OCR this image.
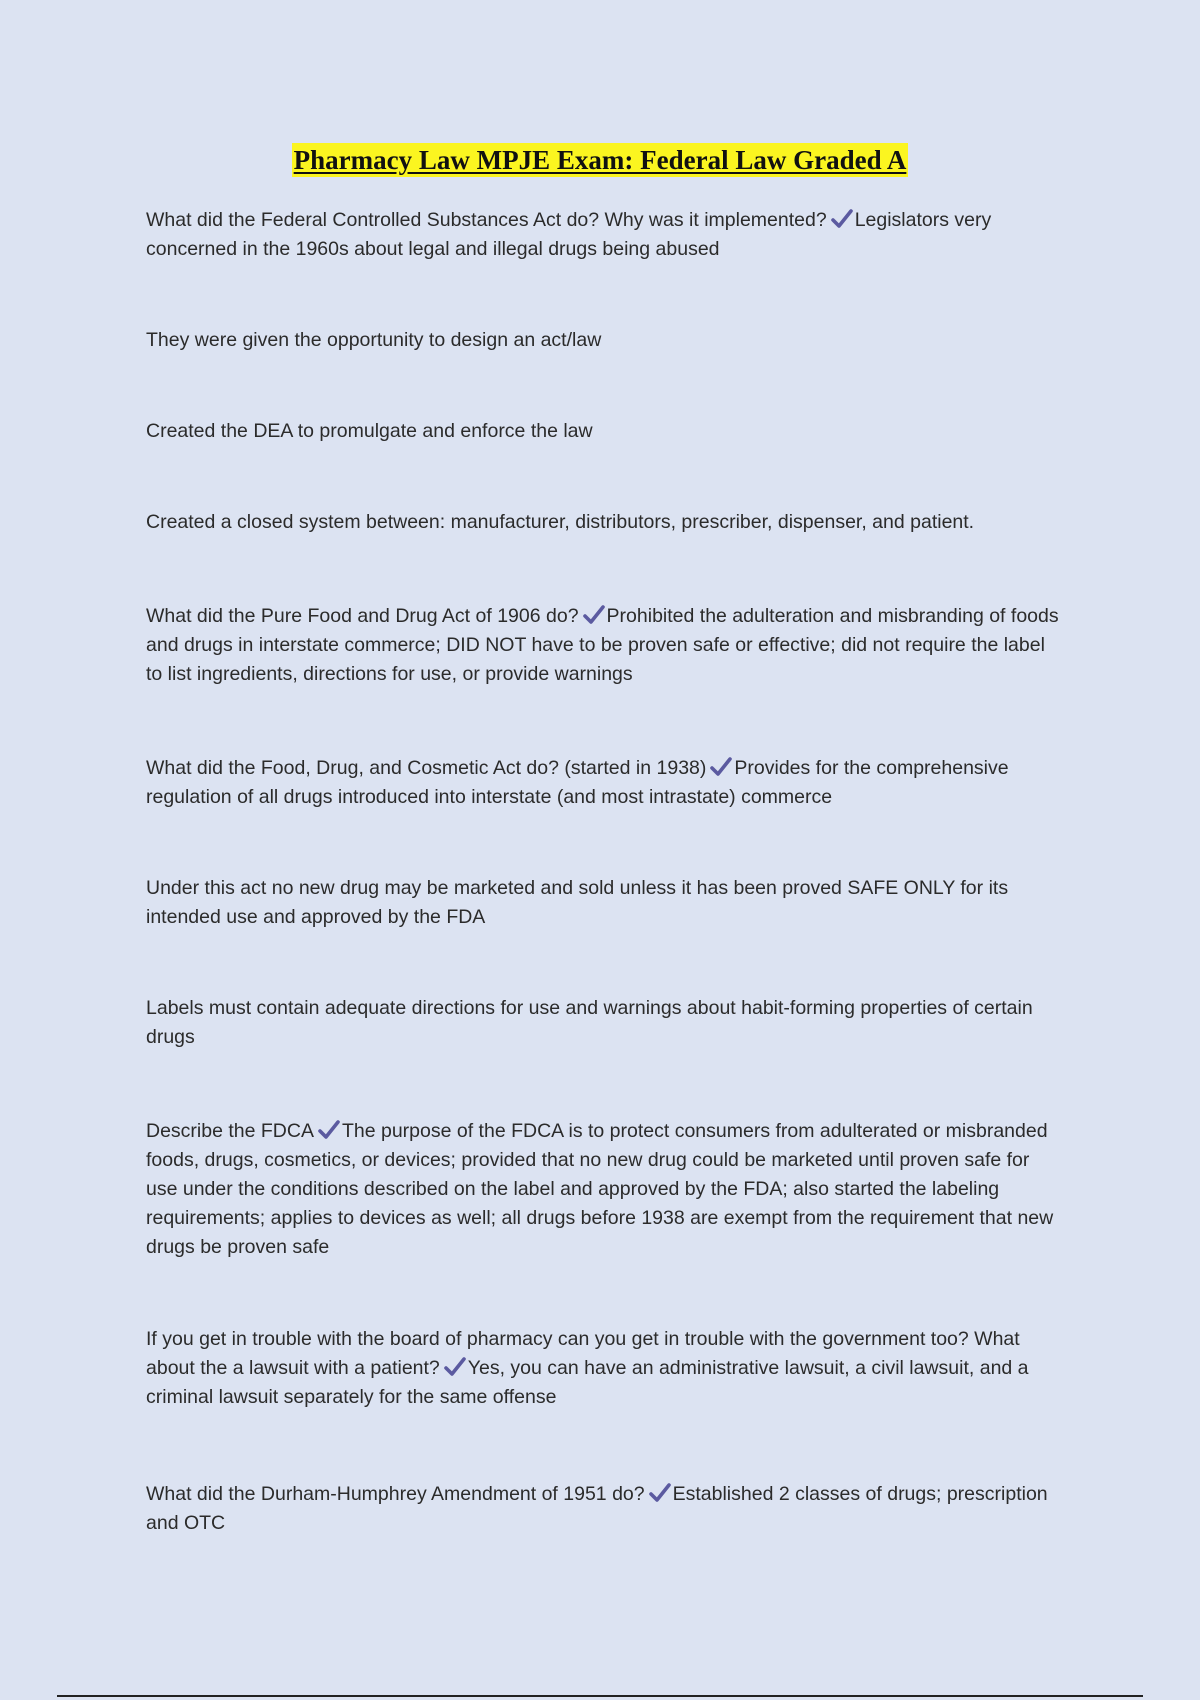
Pharmacy Law MPJE Exam: Federal Law Graded A
What did the Federal Controlled Substances Act do? Why was it implemented? Legislators very concerned in the 1960s about legal and illegal drugs being abused
They were given the opportunity to design an act/law
Created the DEA to promulgate and enforce the law
Created a closed system between: manufacturer, distributors, prescriber, dispenser, and patient.
What did the Pure Food and Drug Act of 1906 do? Prohibited the adulteration and misbranding of foods and drugs in interstate commerce; DID NOT have to be proven safe or effective; did not require the label to list ingredients, directions for use, or provide warnings
What did the Food, Drug, and Cosmetic Act do? (started in 1938) Provides for the comprehensive regulation of all drugs introduced into interstate (and most intrastate) commerce
Under this act no new drug may be marketed and sold unless it has been proved SAFE ONLY for its intended use and approved by the FDA
Labels must contain adequate directions for use and warnings about habit-forming properties of certain drugs
Describe the FDCA The purpose of the FDCA is to protect consumers from adulterated or misbranded foods, drugs, cosmetics, or devices; provided that no new drug could be marketed until proven safe for use under the conditions described on the label and approved by the FDA; also started the labeling requirements; applies to devices as well; all drugs before 1938 are exempt from the requirement that new drugs be proven safe
If you get in trouble with the board of pharmacy can you get in trouble with the government too? What about the a lawsuit with a patient? Yes, you can have an administrative lawsuit, a civil lawsuit, and a criminal lawsuit separately for the same offense
What did the Durham-Humphrey Amendment of 1951 do? Established 2 classes of drugs; prescription and OTC
